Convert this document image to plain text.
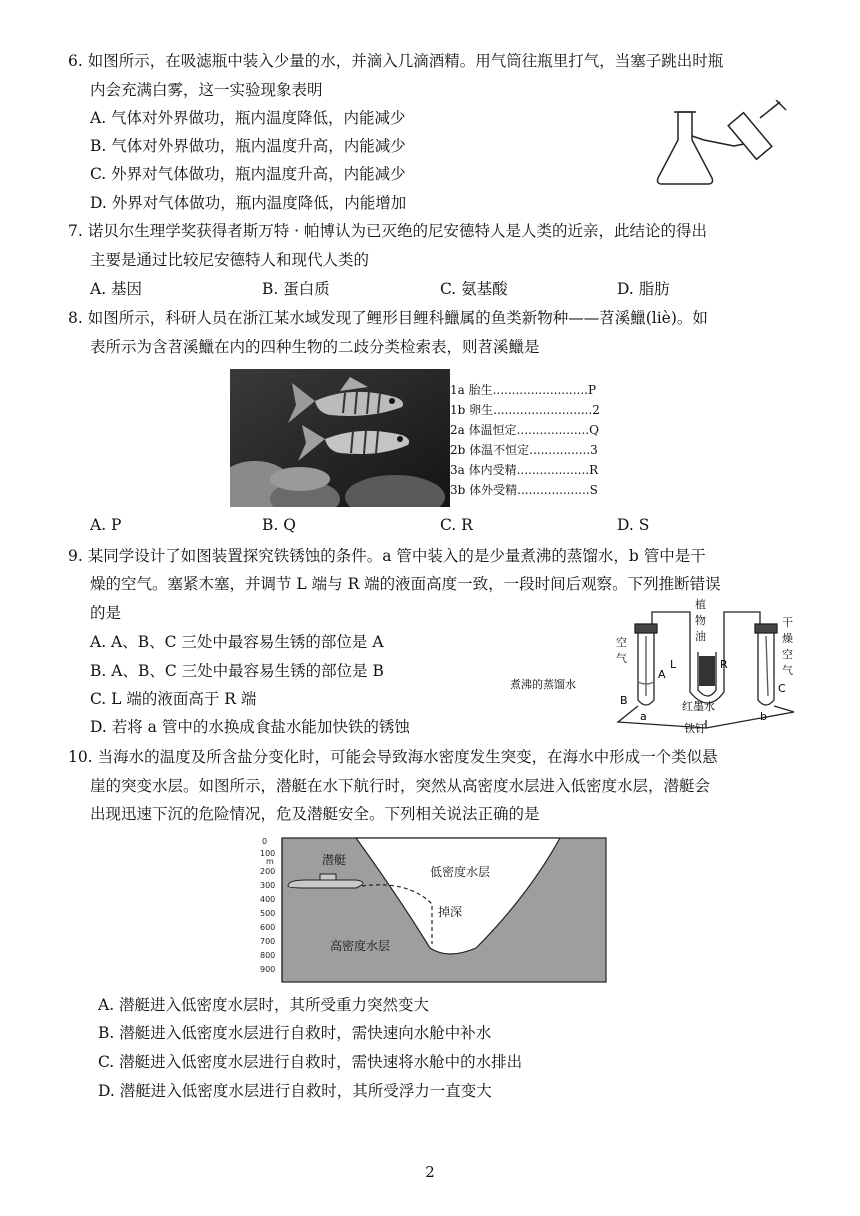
6. 如图所示，在吸滤瓶中装入少量的水，并滴入几滴酒精。用气筒往瓶里打气，当塞子跳出时瓶
内会充满白雾，这一实验现象表明
A. 气体对外界做功，瓶内温度降低，内能减少
B. 气体对外界做功，瓶内温度升高，内能减少
C. 外界对气体做功，瓶内温度升高，内能减少
D. 外界对气体做功，瓶内温度降低，内能增加
7. 诺贝尔生理学奖获得者斯万特 · 帕博认为已灭绝的尼安德特人是人类的近亲，此结论的得出
主要是通过比较尼安德特人和现代人类的
A. 基因	B. 蛋白质	C. 氨基酸	D. 脂肪
8. 如图所示，科研人员在浙江某水域发现了鲤形目鲤科鱲属的鱼类新物种——苕溪鱲(liè)。如
表所示为含苕溪鱲在内的四种生物的二歧分类检索表，则苕溪鱲是
1a 胎生.........................P
1b 卵生..........................2
2a 体温恒定...................Q
2b 体温不恒定................3
3a 体内受精...................R
3b 体外受精...................S
A. P	B. Q	C. R	D. S
9. 某同学设计了如图装置探究铁锈蚀的条件。a 管中装入的是少量煮沸的蒸馏水，b 管中是干
燥的空气。塞紧木塞，并调节 L 端与 R 端的液面高度一致，一段时间后观察。下列推断错误
的是
A. A、B、C 三处中最容易生锈的部位是 A
B. A、B、C 三处中最容易生锈的部位是 B
C. L 端的液面高于 R 端
D. 若将 a 管中的水换成食盐水能加快铁的锈蚀
植 物 油
干 燥 空 气
空 气	L	R
A
煮沸的蒸馏水
B
C
红墨水
a	b
铁钉
10. 当海水的温度及所含盐分变化时，可能会导致海水密度发生突变，在海水中形成一个类似悬
崖的突变水层。如图所示，潜艇在水下航行时，突然从高密度水层进入低密度水层，潜艇会
出现迅速下沉的危险情况，危及潜艇安全。下列相关说法正确的是
0
100
m
200
300
400
500
600
700
800
900
潜艇
低密度水层
掉深
高密度水层
A. 潜艇进入低密度水层时，其所受重力突然变大
B. 潜艇进入低密度水层进行自救时，需快速向水舱中补水
C. 潜艇进入低密度水层进行自救时，需快速将水舱中的水排出
D. 潜艇进入低密度水层进行自救时，其所受浮力一直变大
2
